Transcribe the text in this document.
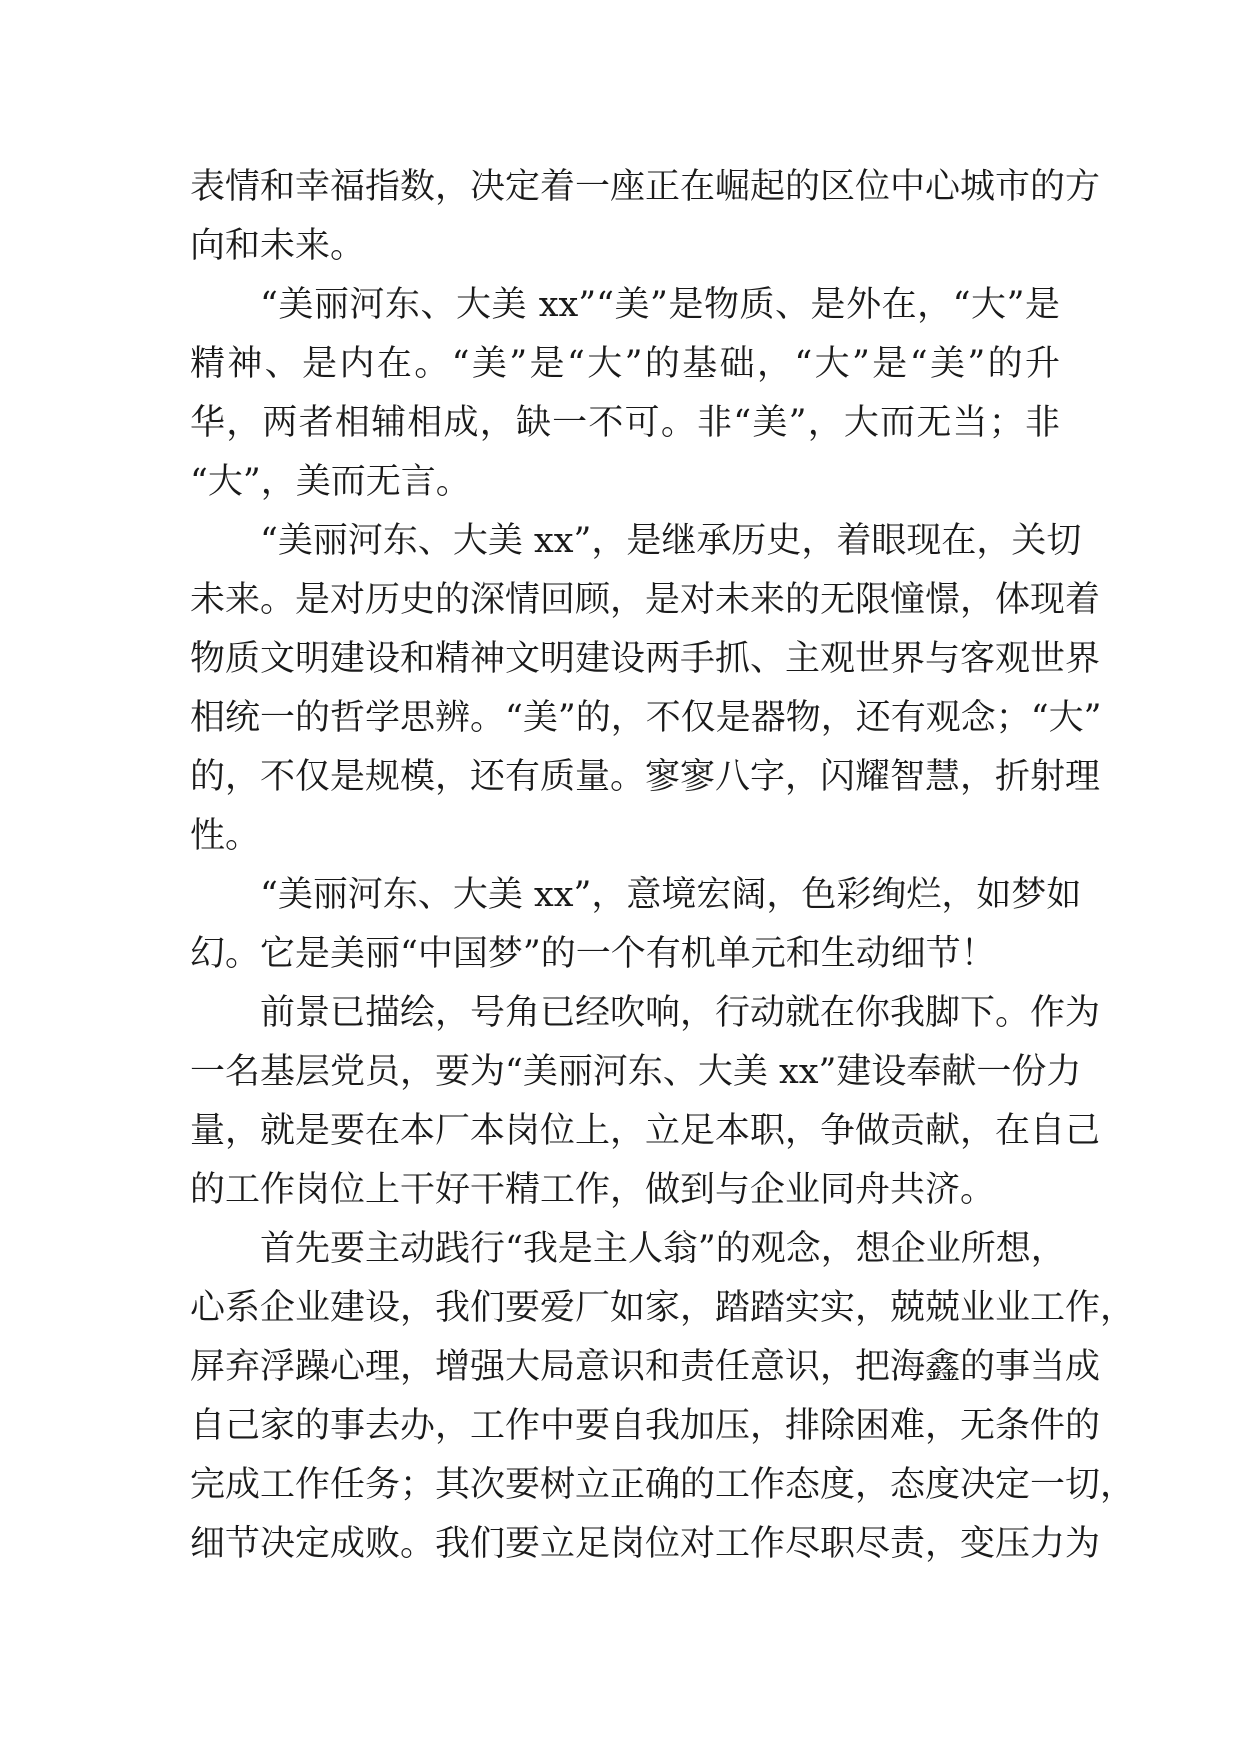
表情和幸福指数，决定着一座正在崛起的区位中心城市的方
向和未来。
“美丽河东、大美 xx”“美”是物质、是外在，“大”是
精神、是内在。“美”是“大”的基础，“大”是“美”的升
华，两者相辅相成，缺一不可。非“美”，大而无当；非
“大”，美而无言。
“美丽河东、大美 xx”，是继承历史，着眼现在，关切
未来。是对历史的深情回顾，是对未来的无限憧憬，体现着
物质文明建设和精神文明建设两手抓、主观世界与客观世界
相统一的哲学思辨。“美”的，不仅是器物，还有观念；“大”
的，不仅是规模，还有质量。寥寥八字，闪耀智慧，折射理
性。
“美丽河东、大美 xx”，意境宏阔，色彩绚烂，如梦如
幻。它是美丽“中国梦”的一个有机单元和生动细节！
前景已描绘，号角已经吹响，行动就在你我脚下。作为
一名基层党员，要为“美丽河东、大美 xx”建设奉献一份力
量，就是要在本厂本岗位上，立足本职，争做贡献，在自己
的工作岗位上干好干精工作，做到与企业同舟共济。
首先要主动践行“我是主人翁”的观念，想企业所想，
心系企业建设，我们要爱厂如家，踏踏实实，兢兢业业工作，
屏弃浮躁心理，增强大局意识和责任意识，把海鑫的事当成
自己家的事去办，工作中要自我加压，排除困难，无条件的
完成工作任务；其次要树立正确的工作态度，态度决定一切，
细节决定成败。我们要立足岗位对工作尽职尽责，变压力为
